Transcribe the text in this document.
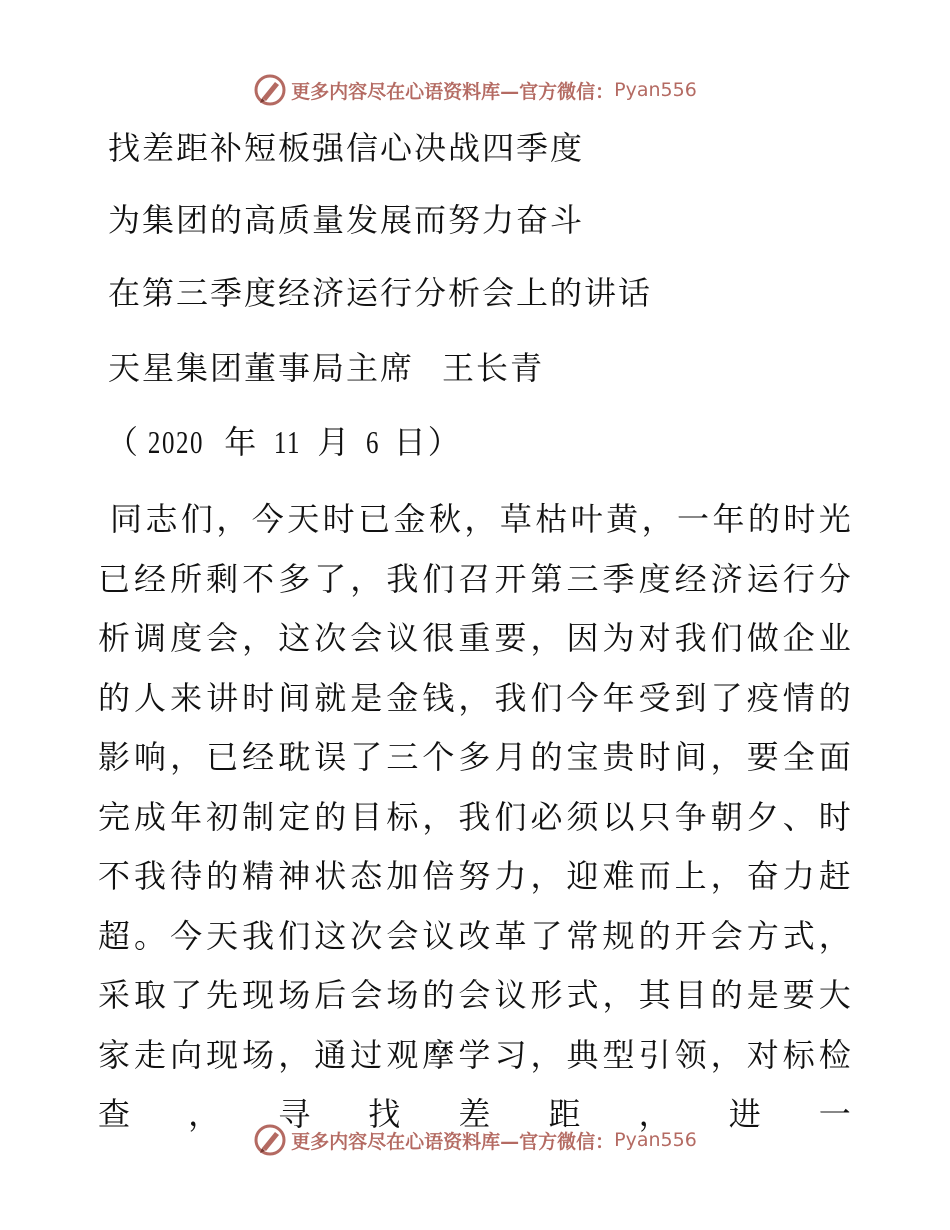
更多内容尽在心语资料库—官方微信： Pyan556
找差距补短板强信心决战四季度
为集团的高质量发展而努力奋斗
在第三季度经济运行分析会上的讲话
天星集团董事局主席 王长青
（ 2020 年 11 月 6 日）
同志们，今天时已金秋，草枯叶黄，一年的时光已经所剩不多了，我们召开第三季度经济运行分析调度会，这次会议很重要，因为对我们做企业的人来讲时间就是金钱，我们今年受到了疫情的影响，已经耽误了三个多月的宝贵时间，要全面完成年初制定的目标，我们必须以只争朝夕、时不我待的精神状态加倍努力，迎难而上，奋力赶超。今天我们这次会议改革了常规的开会方式，采取了先现场后会场的会议形式，其目的是要大家走向现场，通过观摩学习，典型引领，对标检查，寻找差距，进一
更多内容尽在心语资料库—官方微信： Pyan556
